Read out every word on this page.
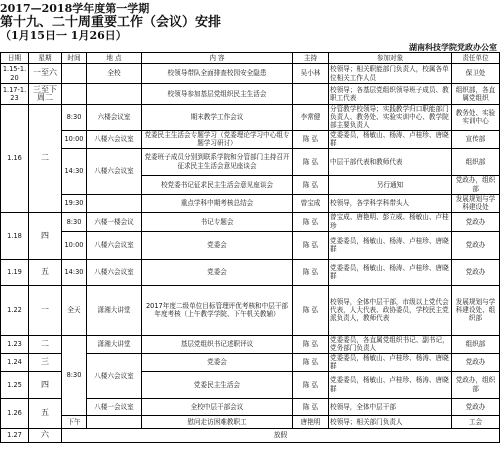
2017—2018学年度第一学期
第十九、二十周重要工作（会议）安排
（1月15日一 1月26日）
湖南科技学院党政办公室
日期	星期	时间	地 点	内 容	主持	参加对象	责任单位
1.15-1.20	一至六		全校	校领导带队全面排查校园安全隐患	吴小林	校领导；相关职能部门负责人，校属各单位相关工作人员	保卫处
1.17-1.23	三至下周二			校领导参加基层党组织民主生活会		校领导；各基层党组织领导班子成员、教职工代表	组织部，各直属党组织
1.16	二	8:30	六楼会议室	期末教学工作会议	李常健	分管教学校领导；实践教学归口职能部门负责人、教务处、实验实训中心、教学院部主要负责人	教务处、实验实训中心
		10:00	八楼六会议室	党委民主生活会专题学习（党委理论学习中心组专题学习研讨）	陈 弘	党委委员，杨敏山、杨涛、卢桂珍、唐晓群	宣传部
		14:30	八楼六会议室	党委班子成员分别到联系学院和分管部门主持召开征求民主生活会意见座谈会	陈 弘	中层干部代表和教师代表	组织部
				校党委书记征求民主生活会意见座谈会	陈 弘	另行通知	党政办，组织部
		19:30		重点学科中期考核总结会	曾宝成	校领导，各学科学科带头人	发展规划与学科建设处
1.18	四	8:30	六楼一楼会议	书记专题会	陈 弘	曾宝成、唐艳明、彭立威、杨敏山、卢桂珍	党政办
		10:00	八楼六会议室	党委会	陈 弘	党委委员，杨敏山、杨涛、卢桂珍、唐晓群	党政办
1.19	五	14:30	八楼六会议室	党委会	陈 弘	党委委员，杨敏山、杨涛、卢桂珍、唐晓群	党政办
1.22	一	全天	潇湘大讲堂	2017年度二级单位目标管理评优考核和中层干部年度考核（上午教学学院、下午机关教辅）	陈 弘	校领导，全体中层干部，市级以上党代会代表，人大代表、政协委员，学校民主党派负责人，教师代表	发展规划与学科建设处、组织部
1.23	二	8:30	潇湘大讲堂	基层党组织书记述职评议	陈 弘	党委委员，各直属党组织书记、副书记，党务部门负责人	组织部
1.24	三		八楼六会议室	党委会	陈 弘	党委委员，杨敏山、卢桂珍、杨涛、唐晓群	党政办
1.25	四			党委民主生活会	陈 弘	党委委员，杨敏山、卢桂珍、杨涛、唐晓群	党政办，组织部
1.26	五		八楼一会议室	全校中层干部会议	陈 弘	校领导，全体中层干部	党政办
		下午		慰问走访困难教职工	唐艳明	校领导；相关部门负责人	工会
1.27	六	放假					
